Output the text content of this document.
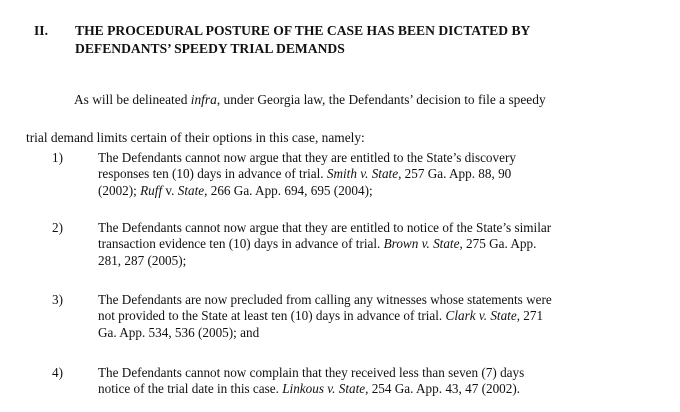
II. THE PROCEDURAL POSTURE OF THE CASE HAS BEEN DICTATED BY
DEFENDANTS’ SPEEDY TRIAL DEMANDS
As will be delineated infra, under Georgia law, the Defendants’ decision to file a speedy
trial demand limits certain of their options in this case, namely:
1)	The Defendants cannot now argue that they are entitled to the State’s discovery
responses ten (10) days in advance of trial. Smith v. State, 257 Ga. App. 88, 90
(2002); Ruff v. State, 266 Ga. App. 694, 695 (2004);
2)	The Defendants cannot now argue that they are entitled to notice of the State’s similar
transaction evidence ten (10) days in advance of trial. Brown v. State, 275 Ga. App.
281, 287 (2005);
3)	The Defendants are now precluded from calling any witnesses whose statements were
not provided to the State at least ten (10) days in advance of trial. Clark v. State, 271
Ga. App. 534, 536 (2005); and
4)	The Defendants cannot now complain that they received less than seven (7) days
notice of the trial date in this case. Linkous v. State, 254 Ga. App. 43, 47 (2002).
